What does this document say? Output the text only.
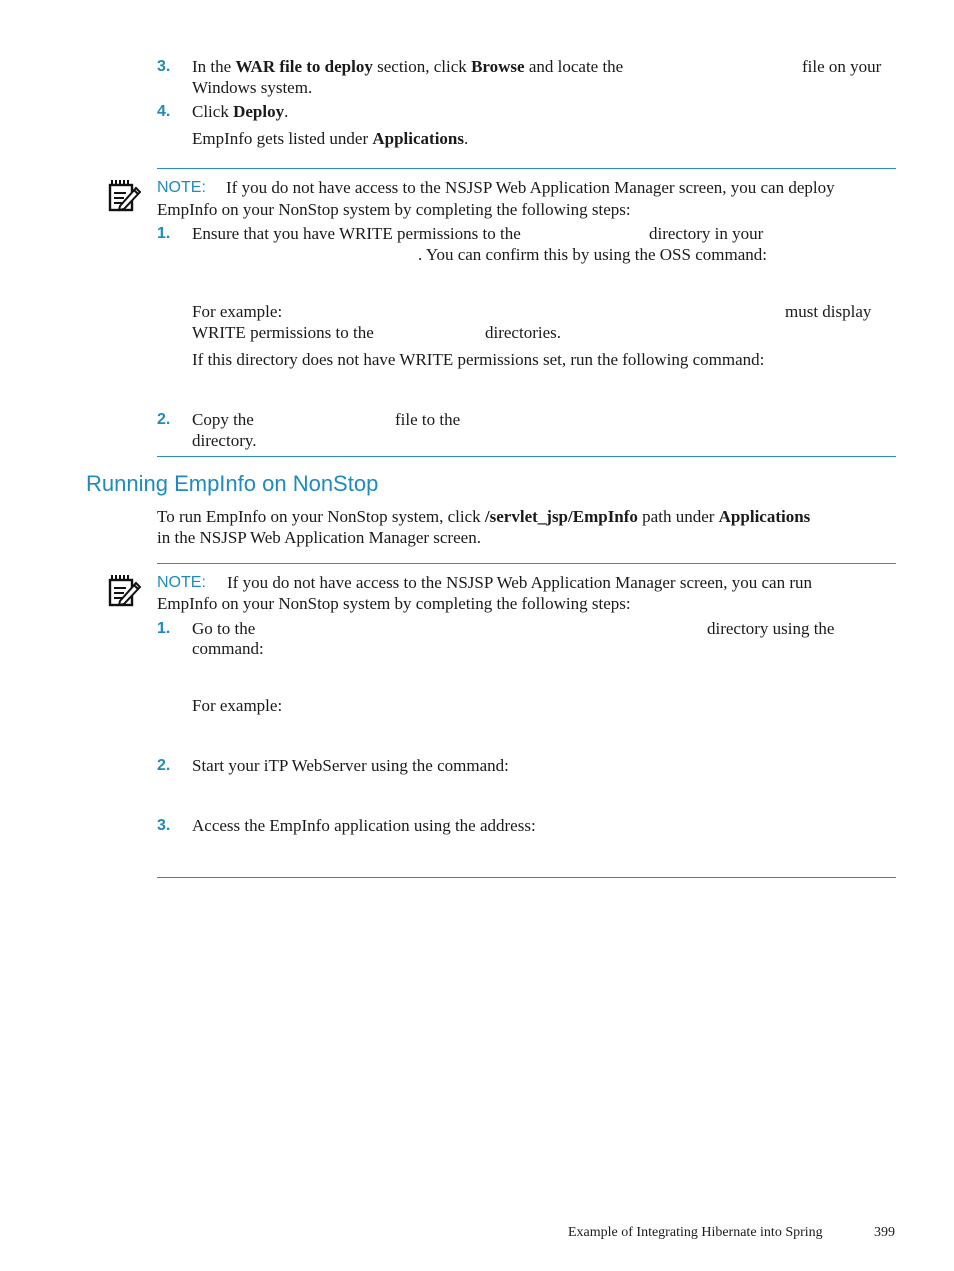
3. In the WAR file to deploy section, click Browse and locate the	file on your
Windows system.
4. Click Deploy.
EmpInfo gets listed under Applications.
NOTE: If you do not have access to the NSJSP Web Application Manager screen, you can deploy
EmpInfo on your NonStop system by completing the following steps:
1. Ensure that you have WRITE permissions to the	directory in your
. You can confirm this by using the OSS command:
For example:	must display
WRITE permissions to the	directories.
If this directory does not have WRITE permissions set, run the following command:
2. Copy the	file to the
directory.
Running EmpInfo on NonStop
To run EmpInfo on your NonStop system, click /servlet_jsp/EmpInfo path under Applications
in the NSJSP Web Application Manager screen.
NOTE: If you do not have access to the NSJSP Web Application Manager screen, you can run
EmpInfo on your NonStop system by completing the following steps:
1. Go to the	directory using the
command:
For example:
2. Start your iTP WebServer using the command:
3. Access the EmpInfo application using the address:
Example of Integrating Hibernate into Spring	399
